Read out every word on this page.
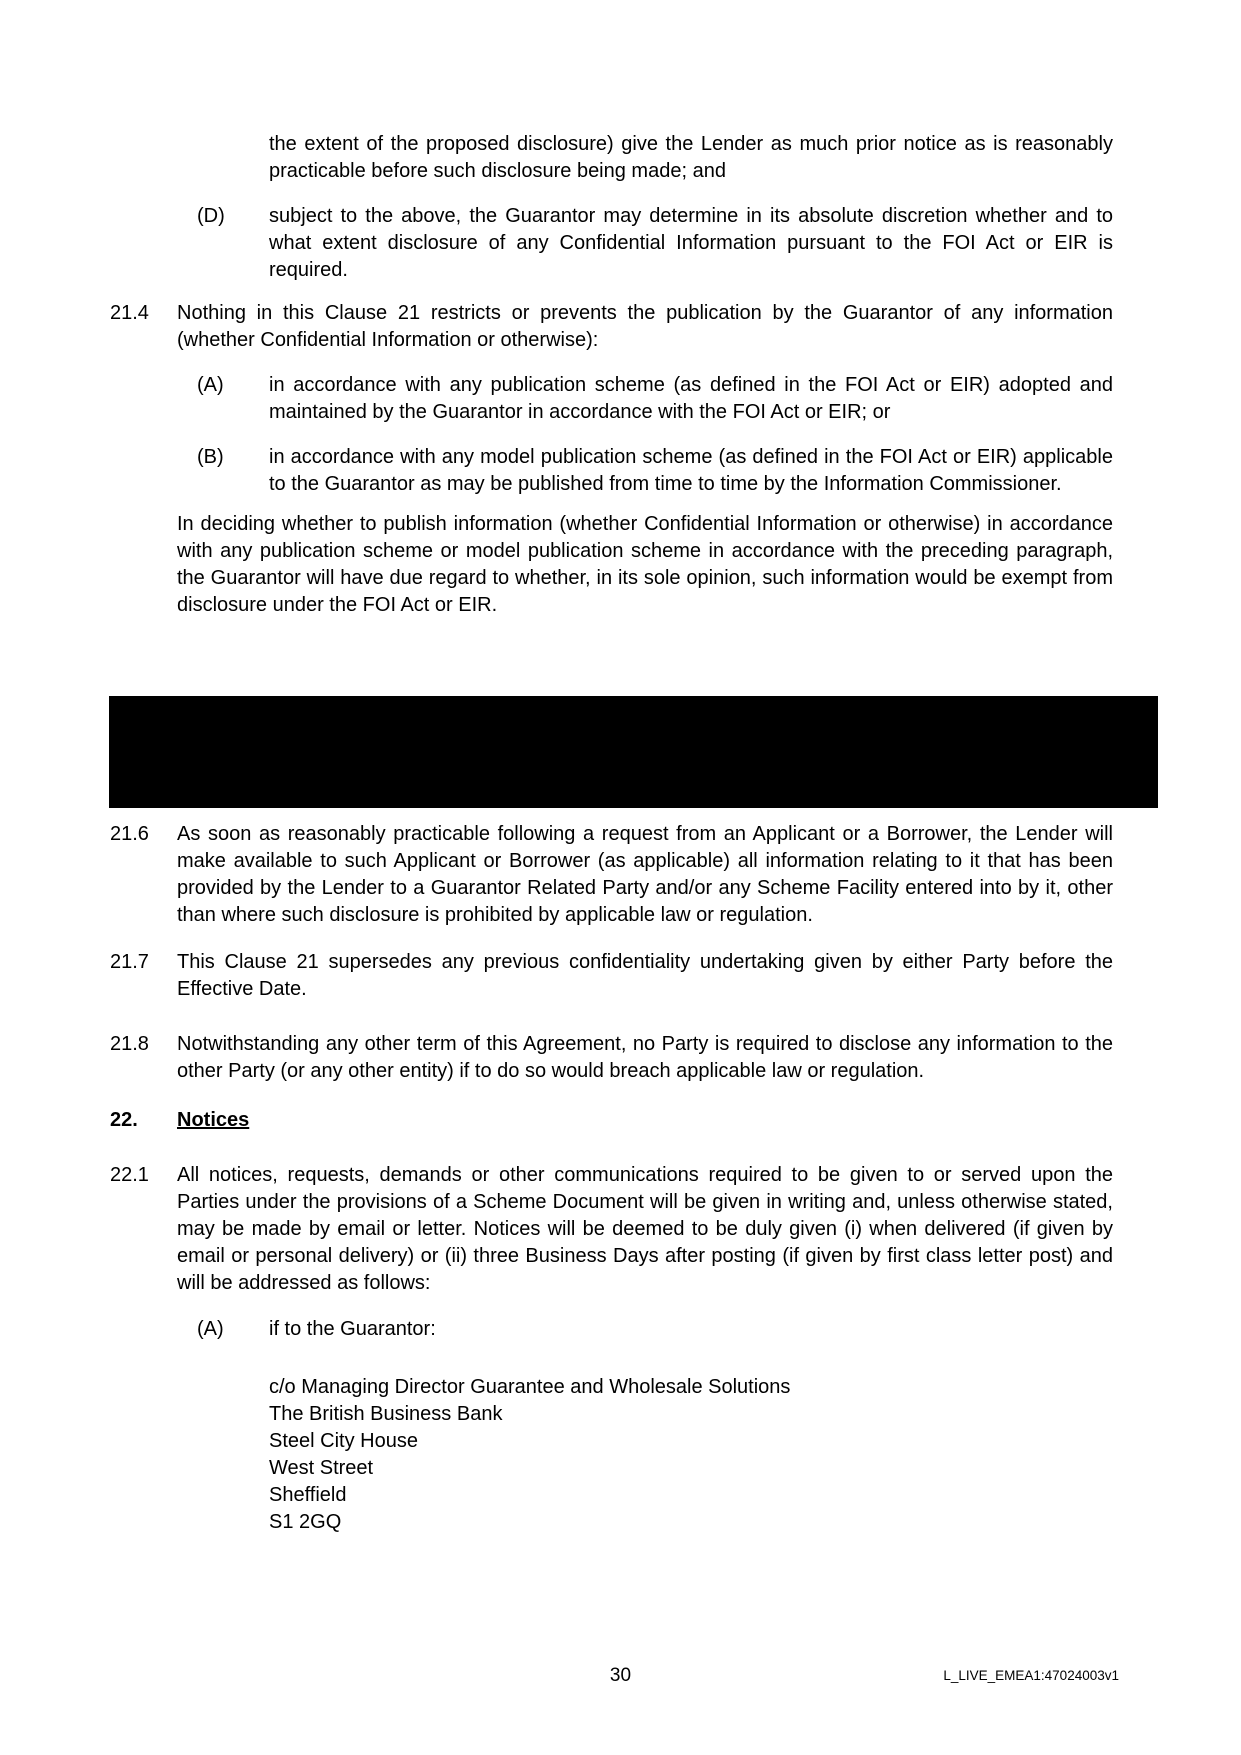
the extent of the proposed disclosure) give the Lender as much prior notice as is reasonably practicable before such disclosure being made; and
(D)	subject to the above, the Guarantor may determine in its absolute discretion whether and to what extent disclosure of any Confidential Information pursuant to the FOI Act or EIR is required.
21.4	Nothing in this Clause 21 restricts or prevents the publication by the Guarantor of any information (whether Confidential Information or otherwise):
(A)	in accordance with any publication scheme (as defined in the FOI Act or EIR) adopted and maintained by the Guarantor in accordance with the FOI Act or EIR; or
(B)	in accordance with any model publication scheme (as defined in the FOI Act or EIR) applicable to the Guarantor as may be published from time to time by the Information Commissioner.
In deciding whether to publish information (whether Confidential Information or otherwise) in accordance with any publication scheme or model publication scheme in accordance with the preceding paragraph, the Guarantor will have due regard to whether, in its sole opinion, such information would be exempt from disclosure under the FOI Act or EIR.
21.6	As soon as reasonably practicable following a request from an Applicant or a Borrower, the Lender will make available to such Applicant or Borrower (as applicable) all information relating to it that has been provided by the Lender to a Guarantor Related Party and/or any Scheme Facility entered into by it, other than where such disclosure is prohibited by applicable law or regulation.
21.7	This Clause 21 supersedes any previous confidentiality undertaking given by either Party before the Effective Date.
21.8	Notwithstanding any other term of this Agreement, no Party is required to disclose any information to the other Party (or any other entity) if to do so would breach applicable law or regulation.
22.	Notices
22.1	All notices, requests, demands or other communications required to be given to or served upon the Parties under the provisions of a Scheme Document will be given in writing and, unless otherwise stated, may be made by email or letter. Notices will be deemed to be duly given (i) when delivered (if given by email or personal delivery) or (ii) three Business Days after posting (if given by first class letter post) and will be addressed as follows:
(A)	if to the Guarantor:
c/o Managing Director Guarantee and Wholesale Solutions
The British Business Bank
Steel City House
West Street
Sheffield
S1 2GQ
30	L_LIVE_EMEA1:47024003v1
